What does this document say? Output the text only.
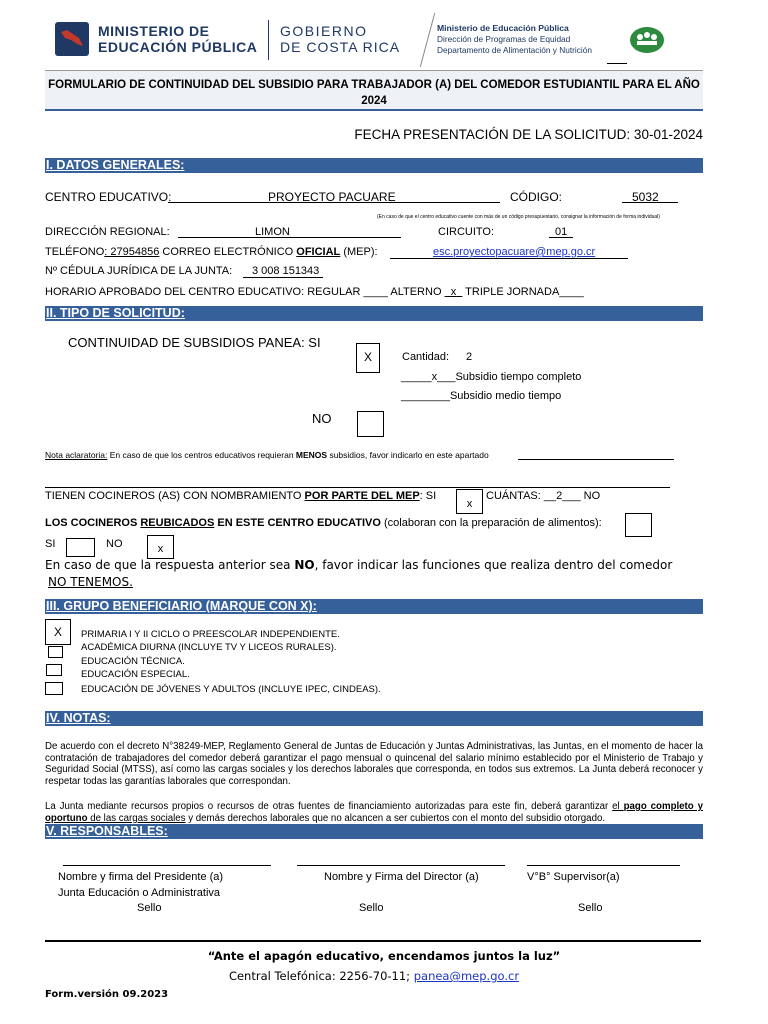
MINISTERIO DE
EDUCACIÓN PÚBLICA
GOBIERNO
DE COSTA RICA
Ministerio de Educación Pública
Dirección de Programas de Equidad
Departamento de Alimentación y Nutrición
FORMULARIO DE CONTINUIDAD DEL SUBSIDIO PARA TRABAJADOR (A) DEL COMEDOR ESTUDIANTIL PARA EL AÑO
2024
FECHA PRESENTACIÓN DE LA SOLICITUD: 30-01-2024
I. DATOS GENERALES:
CENTRO EDUCATIVO:	PROYECTO PACUARE	CÓDIGO:	5032
(En caso de que el centro educativo cuente con más de un código presupuestario, consignar la información de forma individual)
DIRECCIÓN REGIONAL:	LIMON	CIRCUITO:	01
TELÉFONO: 27954856 CORREO ELECTRÓNICO OFICIAL (MEP):	esc.proyectopacuare@mep.go.cr
Nº CÉDULA JURÍDICA DE LA JUNTA: 3 008 151343
HORARIO APROBADO DEL CENTRO EDUCATIVO: REGULAR ____ ALTERNO   x   TRIPLE JORNADA____
II. TIPO DE SOLICITUD:
CONTINUIDAD DE SUBSIDIOS PANEA: SI
X	Cantidad: 2
_____x___Subsidio tiempo completo
________Subsidio medio tiempo
NO
Nota aclaratoria: En caso de que los centros educativos requieran MENOS subsidios, favor indicarlo en este apartado
TIENEN COCINEROS (AS) CON NOMBRAMIENTO POR PARTE DEL MEP: SI
x
CUÁNTAS: __2___ NO
LOS COCINEROS REUBICADOS EN ESTE CENTRO EDUCATIVO (colaboran con la preparación de alimentos):
SI	NO	x
En caso de que la respuesta anterior sea NO, favor indicar las funciones que realiza dentro del comedor
NO TENEMOS.
III. GRUPO BENEFICIARIO (MARQUE CON X):
X	PRIMARIA I Y II CICLO O PREESCOLAR INDEPENDIENTE.
ACADÉMICA DIURNA (INCLUYE TV Y LICEOS RURALES).
EDUCACIÓN TÉCNICA.
EDUCACIÓN ESPECIAL.
EDUCACIÓN DE JÓVENES Y ADULTOS (INCLUYE IPEC, CINDEAS).
IV. NOTAS:
De acuerdo con el decreto N°38249-MEP, Reglamento General de Juntas de Educación y Juntas Administrativas, las Juntas, en el momento de hacer la contratación de trabajadores del comedor deberá garantizar el pago mensual o quincenal del salario mínimo establecido por el Ministerio de Trabajo y Seguridad Social (MTSS), así como las cargas sociales y los derechos laborales que corresponda, en todos sus extremos. La Junta deberá reconocer y respetar todas las garantías laborales que correspondan.
La Junta mediante recursos propios o recursos de otras fuentes de financiamiento autorizadas para este fin, deberá garantizar el pago completo y oportuno de las cargas sociales y demás derechos laborales que no alcancen a ser cubiertos con el monto del subsidio otorgado.
V. RESPONSABLES:
Nombre y firma del Presidente (a)
Junta Educación o Administrativa
Sello
Nombre y Firma del Director (a)
Sello
V°B° Supervisor(a)
Sello
“Ante el apagón educativo, encendamos juntos la luz”
Central Telefónica: 2256-70-11; panea@mep.go.cr
Form.versión 09.2023
